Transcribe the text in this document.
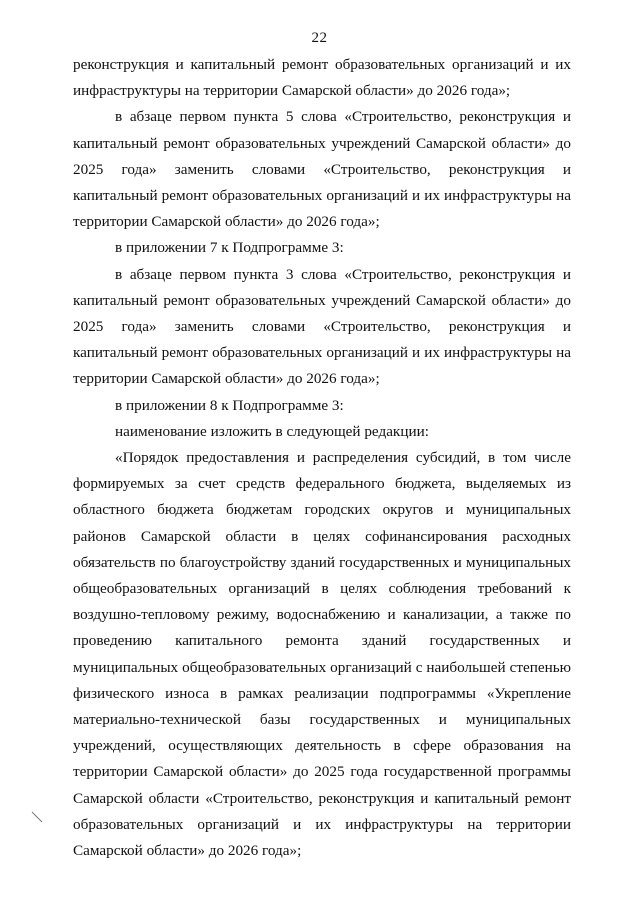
22

реконструкция и капитальный ремонт образовательных организаций и их инфраструктуры на территории Самарской области» до 2026 года»;

в абзаце первом пункта 5 слова «Строительство, реконструкция и капитальный ремонт образовательных учреждений Самарской области» до 2025 года» заменить словами «Строительство, реконструкция и капитальный ремонт образовательных организаций и их инфраструктуры на территории Самарской области» до 2026 года»;

в приложении 7 к Подпрограмме 3:

в абзаце первом пункта 3 слова «Строительство, реконструкция и капитальный ремонт образовательных учреждений Самарской области» до 2025 года» заменить словами «Строительство, реконструкция и капитальный ремонт образовательных организаций и их инфраструктуры на территории Самарской области» до 2026 года»;

в приложении 8 к Подпрограмме 3:

наименование изложить в следующей редакции:

«Порядок предоставления и распределения субсидий, в том числе формируемых за счет средств федерального бюджета, выделяемых из областного бюджета бюджетам городских округов и муниципальных районов Самарской области в целях софинансирования расходных обязательств по благоустройству зданий государственных и муниципальных общеобразовательных организаций в целях соблюдения требований к воздушно-тепловому режиму, водоснабжению и канализации, а также по проведению капитального ремонта зданий государственных и муниципальных общеобразовательных организаций с наибольшей степенью физического износа в рамках реализации подпрограммы «Укрепление материально-технической базы государственных и муниципальных учреждений, осуществляющих деятельность в сфере образования на территории Самарской области» до 2025 года государственной программы Самарской области «Строительство, реконструкция и капитальный ремонт образовательных организаций и их инфраструктуры на территории Самарской области» до 2026 года»;
